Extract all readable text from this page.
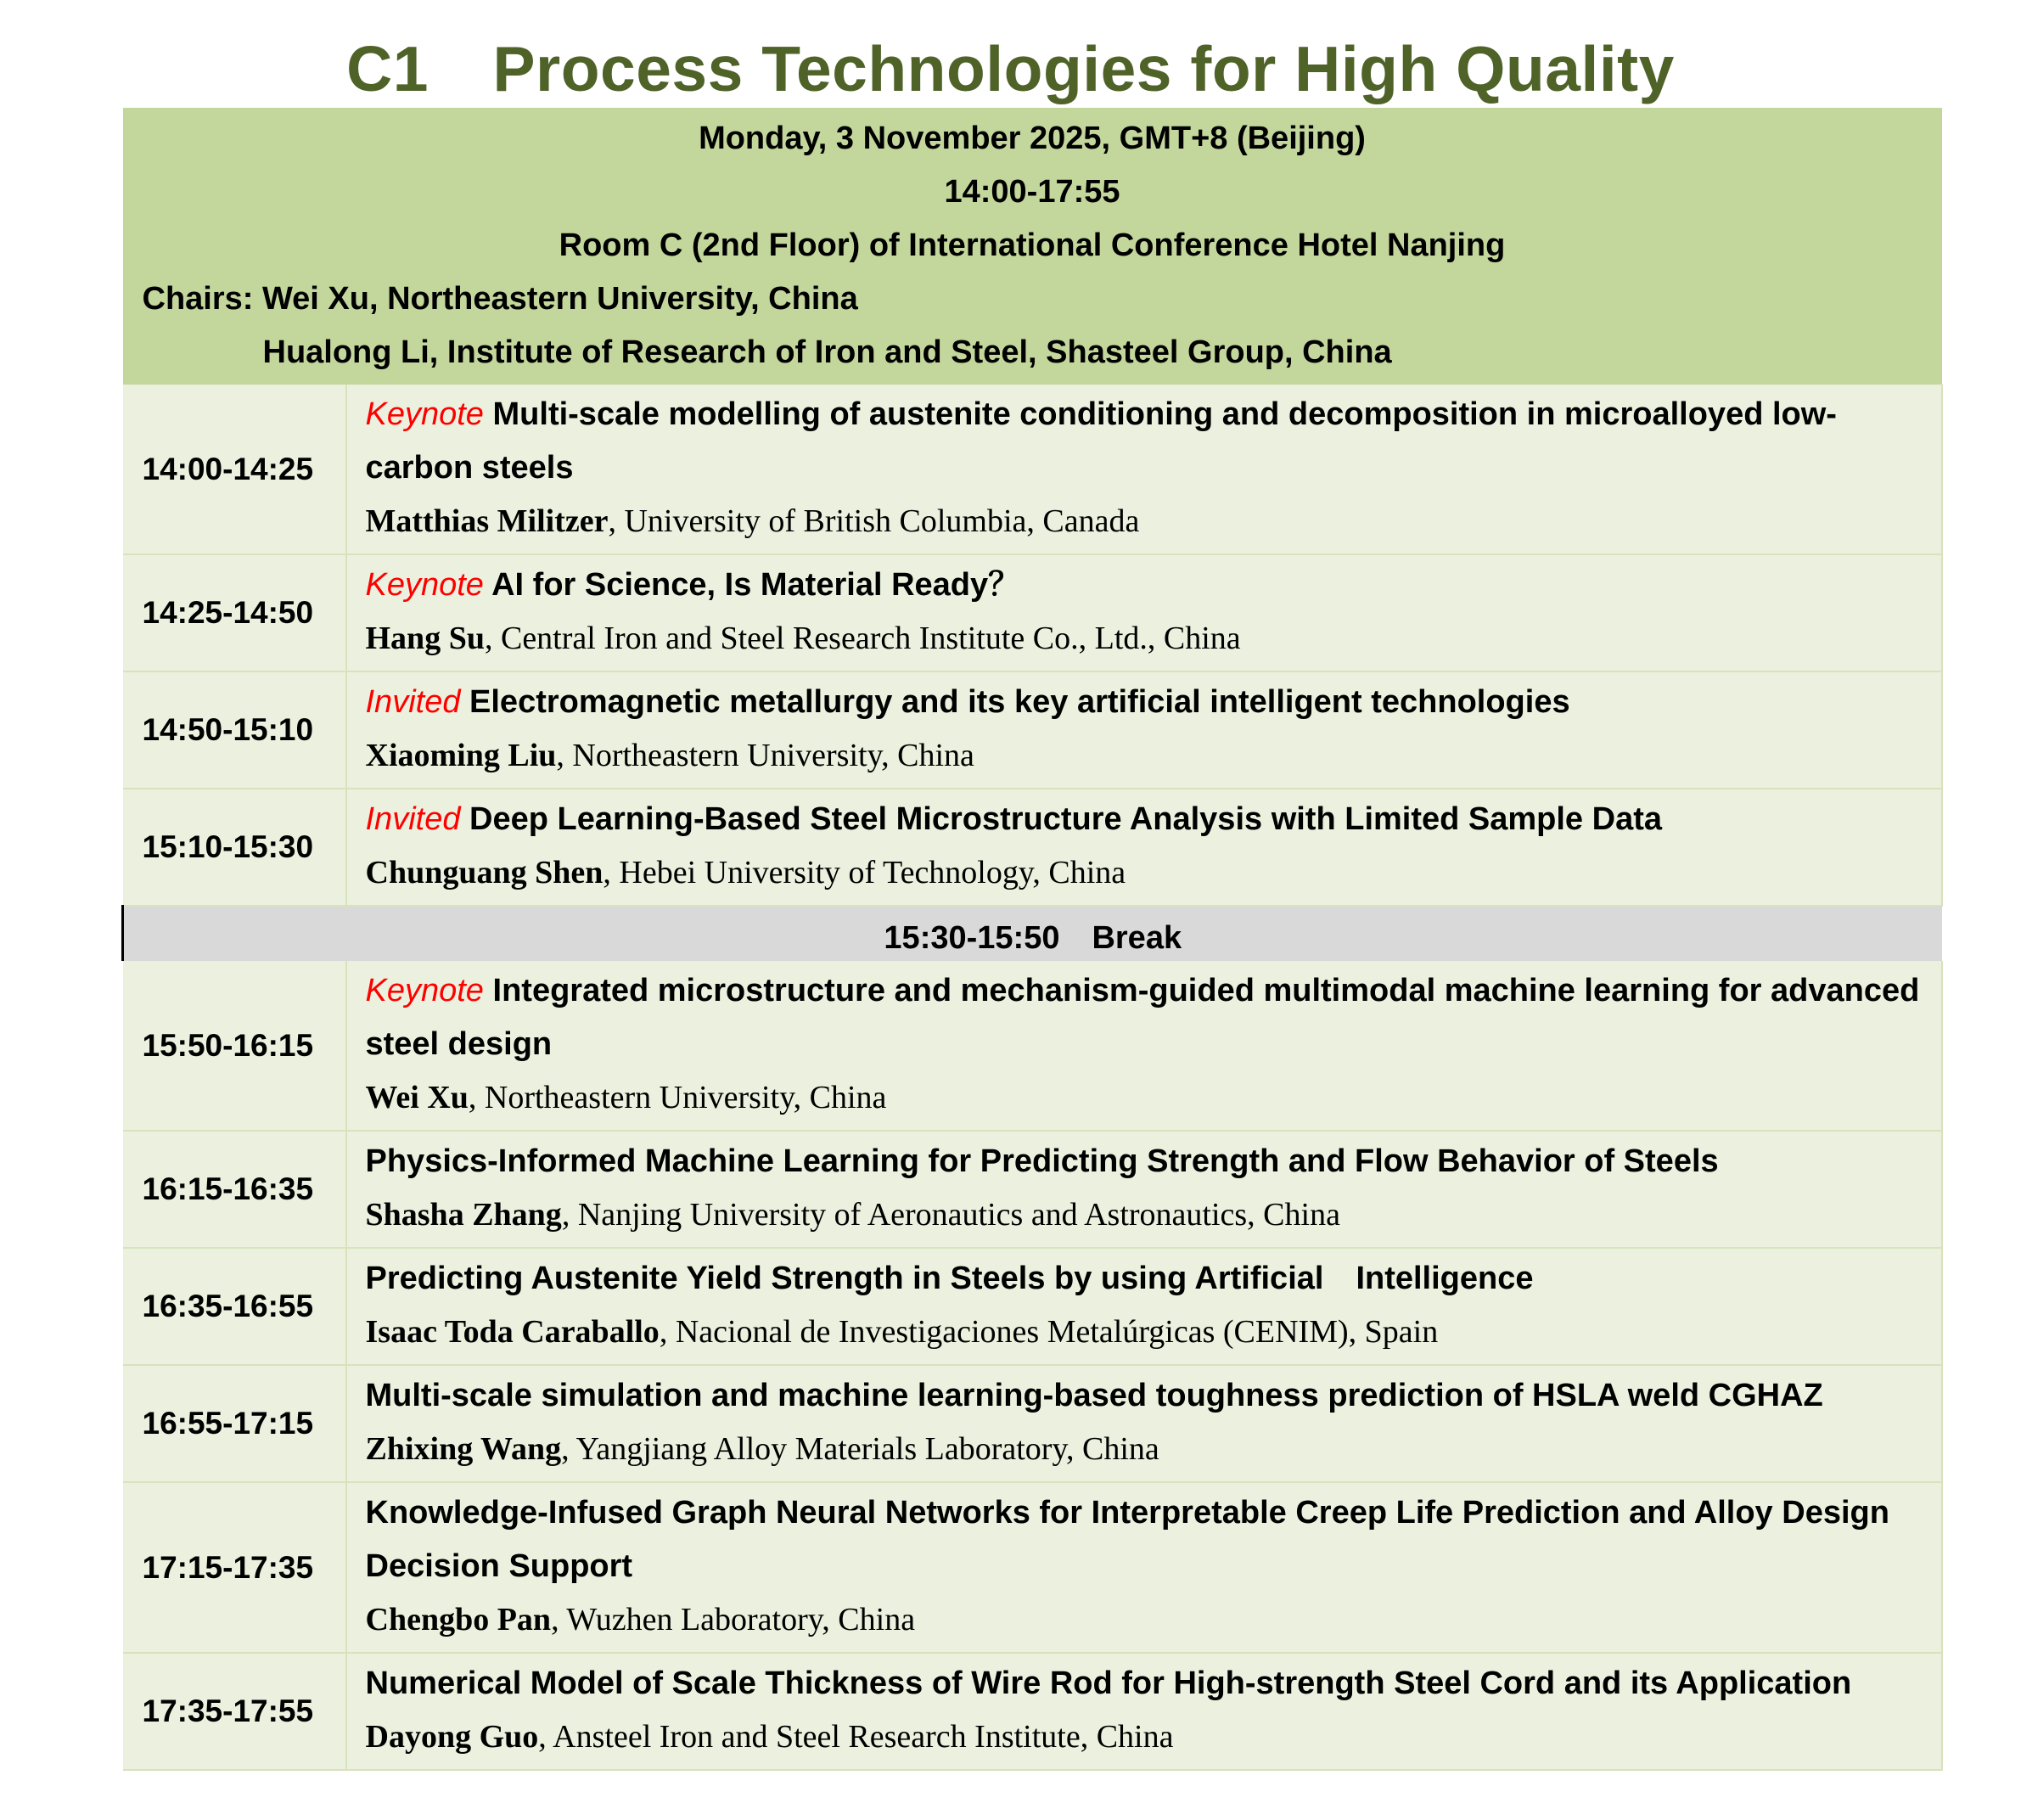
C1　Process Technologies for High Quality
Monday, 3 November 2025, GMT+8 (Beijing)
14:00-17:55
Room C (2nd Floor) of International Conference Hotel Nanjing
Chairs: Wei Xu, Northeastern University, China
Hualong Li, Institute of Research of Iron and Steel, Shasteel Group, China	

14:00-14:25	Keynote Multi-scale modelling of austenite conditioning and decomposition in microalloyed low-carbon steels
Matthias Militzer, University of British Columbia, Canada

14:25-14:50	Keynote AI for Science, Is Material Ready？
Hang Su, Central Iron and Steel Research Institute Co., Ltd., China

14:50-15:10	Invited Electromagnetic metallurgy and its key artificial intelligent technologies
Xiaoming Liu, Northeastern University, China

15:10-15:30	Invited Deep Learning-Based Steel Microstructure Analysis with Limited Sample Data
Chunguang Shen, Hebei University of Technology, China

15:30-15:50　Break	
15:50-16:15	Keynote Integrated microstructure and mechanism-guided multimodal machine learning for advanced steel design
Wei Xu, Northeastern University, China

16:15-16:35	Physics-Informed Machine Learning for Predicting Strength and Flow Behavior of Steels
Shasha Zhang, Nanjing University of Aeronautics and Astronautics, China

16:35-16:55	Predicting Austenite Yield Strength in Steels by using Artificial　Intelligence
Isaac Toda Caraballo, Nacional de Investigaciones Metalúrgicas (CENIM), Spain

16:55-17:15	Multi-scale simulation and machine learning-based toughness prediction of HSLA weld CGHAZ
Zhixing Wang, Yangjiang Alloy Materials Laboratory, China

17:15-17:35	Knowledge-Infused Graph Neural Networks for Interpretable Creep Life Prediction and Alloy Design Decision Support
Chengbo Pan, Wuzhen Laboratory, China

17:35-17:55	Numerical Model of Scale Thickness of Wire Rod for High-strength Steel Cord and its Application
Dayong Guo, Ansteel Iron and Steel Research Institute, China
